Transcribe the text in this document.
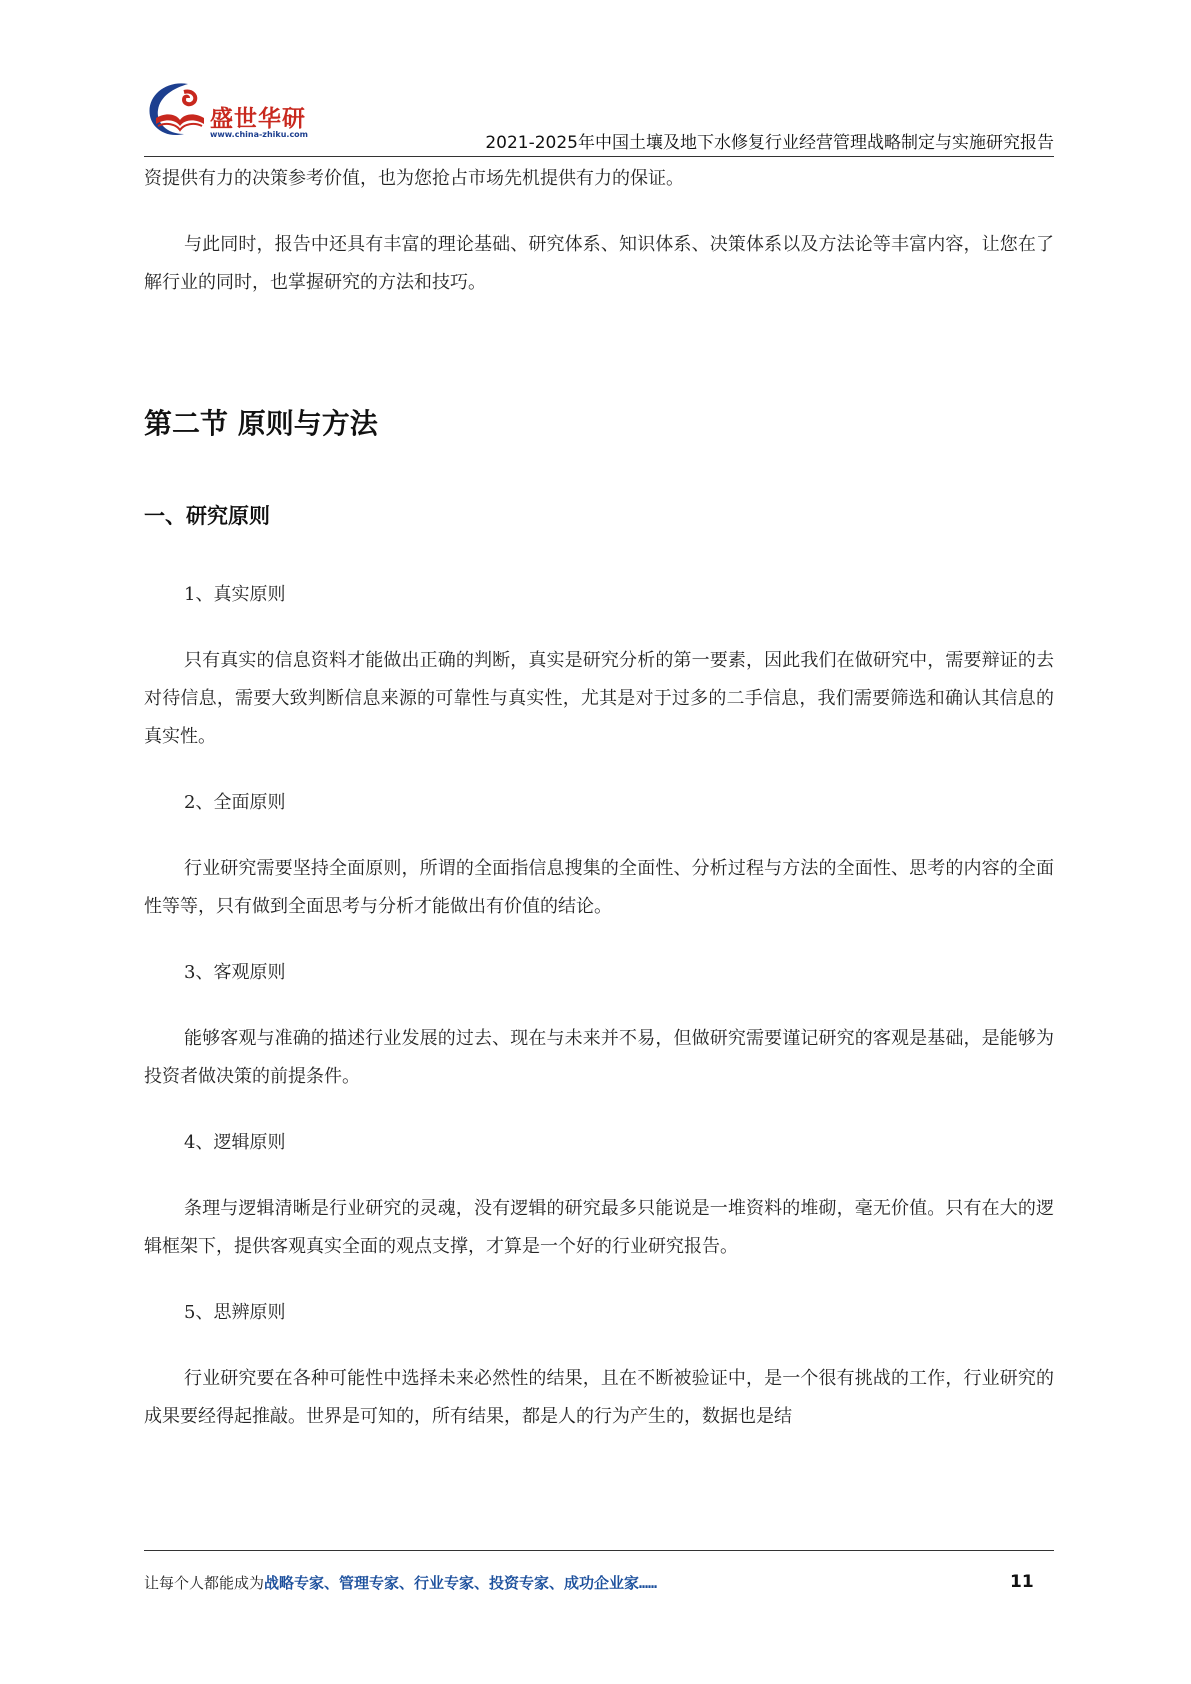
盛世华研
www.china-zhiku.com	2021-2025年中国土壤及地下水修复行业经营管理战略制定与实施研究报告

资提供有力的决策参考价值，也为您抢占市场先机提供有力的保证。

与此同时，报告中还具有丰富的理论基础、研究体系、知识体系、决策体系以及方法论等丰富内容，让您在了解行业的同时，也掌握研究的方法和技巧。

第二节 原则与方法
一、研究原则

1、真实原则

只有真实的信息资料才能做出正确的判断，真实是研究分析的第一要素，因此我们在做研究中，需要辩证的去对待信息，需要大致判断信息来源的可靠性与真实性，尤其是对于过多的二手信息，我们需要筛选和确认其信息的真实性。

2、全面原则

行业研究需要坚持全面原则，所谓的全面指信息搜集的全面性、分析过程与方法的全面性、思考的内容的全面性等等，只有做到全面思考与分析才能做出有价值的结论。

3、客观原则

能够客观与准确的描述行业发展的过去、现在与未来并不易，但做研究需要谨记研究的客观是基础，是能够为投资者做决策的前提条件。

4、逻辑原则

条理与逻辑清晰是行业研究的灵魂，没有逻辑的研究最多只能说是一堆资料的堆砌，毫无价值。只有在大的逻辑框架下，提供客观真实全面的观点支撑，才算是一个好的行业研究报告。

5、思辨原则

行业研究要在各种可能性中选择未来必然性的结果，且在不断被验证中，是一个很有挑战的工作，行业研究的成果要经得起推敲。世界是可知的，所有结果，都是人的行为产生的，数据也是结

让每个人都能成为战略专家、管理专家、行业专家、投资专家、成功企业家……	11
